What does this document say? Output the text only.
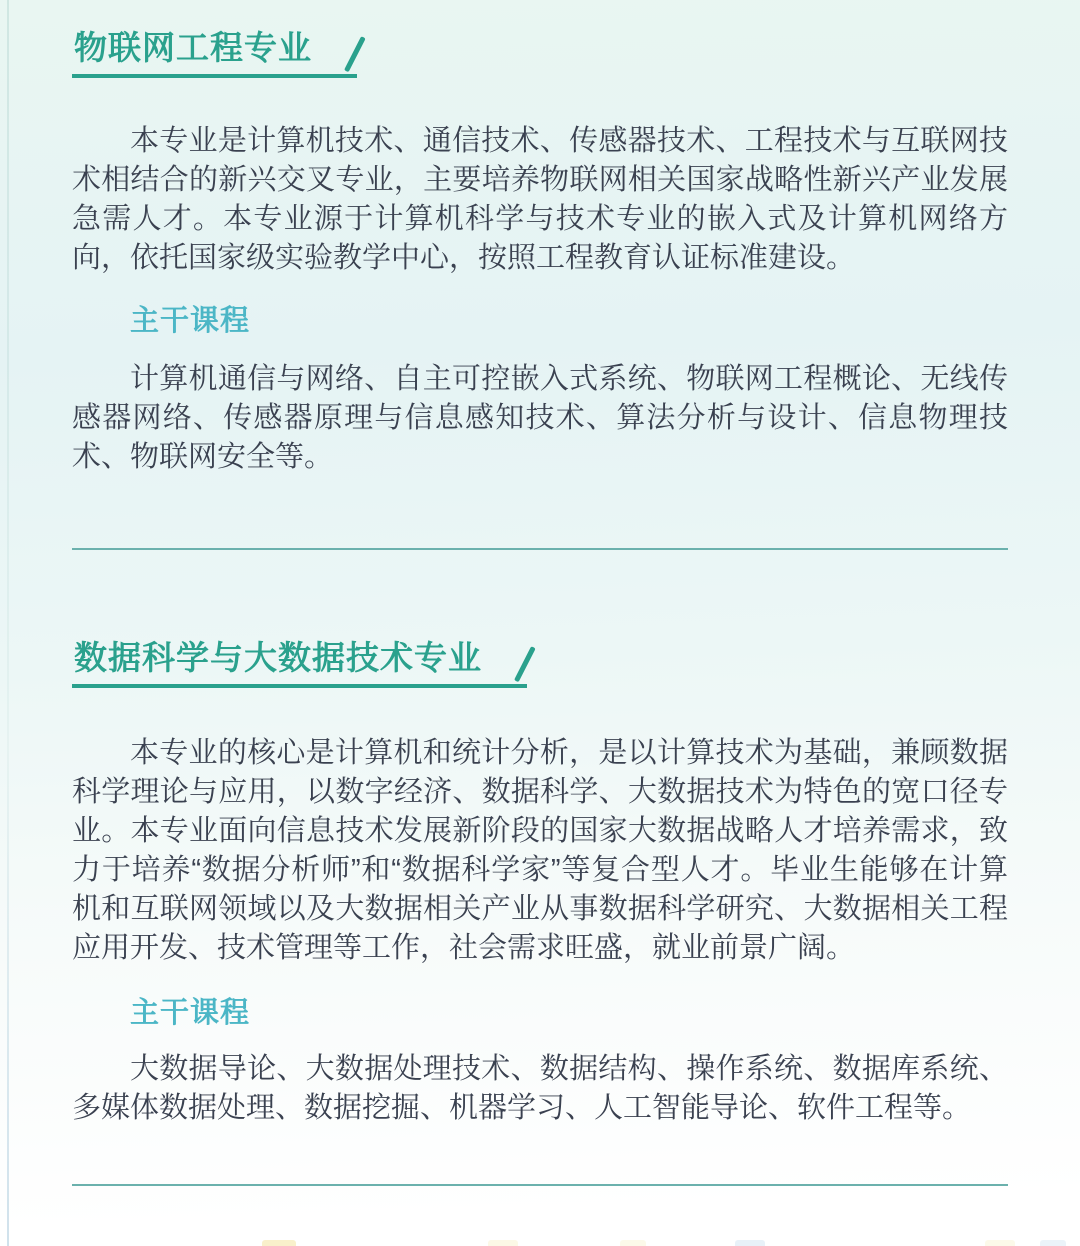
物联网工程专业

本专业是计算机技术、通信技术、传感器技术、工程技术与互联网技术相结合的新兴交叉专业，主要培养物联网相关国家战略性新兴产业发展急需人才。本专业源于计算机科学与技术专业的嵌入式及计算机网络方向，依托国家级实验教学中心，按照工程教育认证标准建设。

主干课程

计算机通信与网络、自主可控嵌入式系统、物联网工程概论、无线传感器网络、传感器原理与信息感知技术、算法分析与设计、信息物理技术、物联网安全等。

数据科学与大数据技术专业

本专业的核心是计算机和统计分析，是以计算技术为基础，兼顾数据科学理论与应用，以数字经济、数据科学、大数据技术为特色的宽口径专业。本专业面向信息技术发展新阶段的国家大数据战略人才培养需求，致力于培养“数据分析师”和“数据科学家”等复合型人才。毕业生能够在计算机和互联网领域以及大数据相关产业从事数据科学研究、大数据相关工程应用开发、技术管理等工作，社会需求旺盛，就业前景广阔。

主干课程

大数据导论、大数据处理技术、数据结构、操作系统、数据库系统、多媒体数据处理、数据挖掘、机器学习、人工智能导论、软件工程等。
